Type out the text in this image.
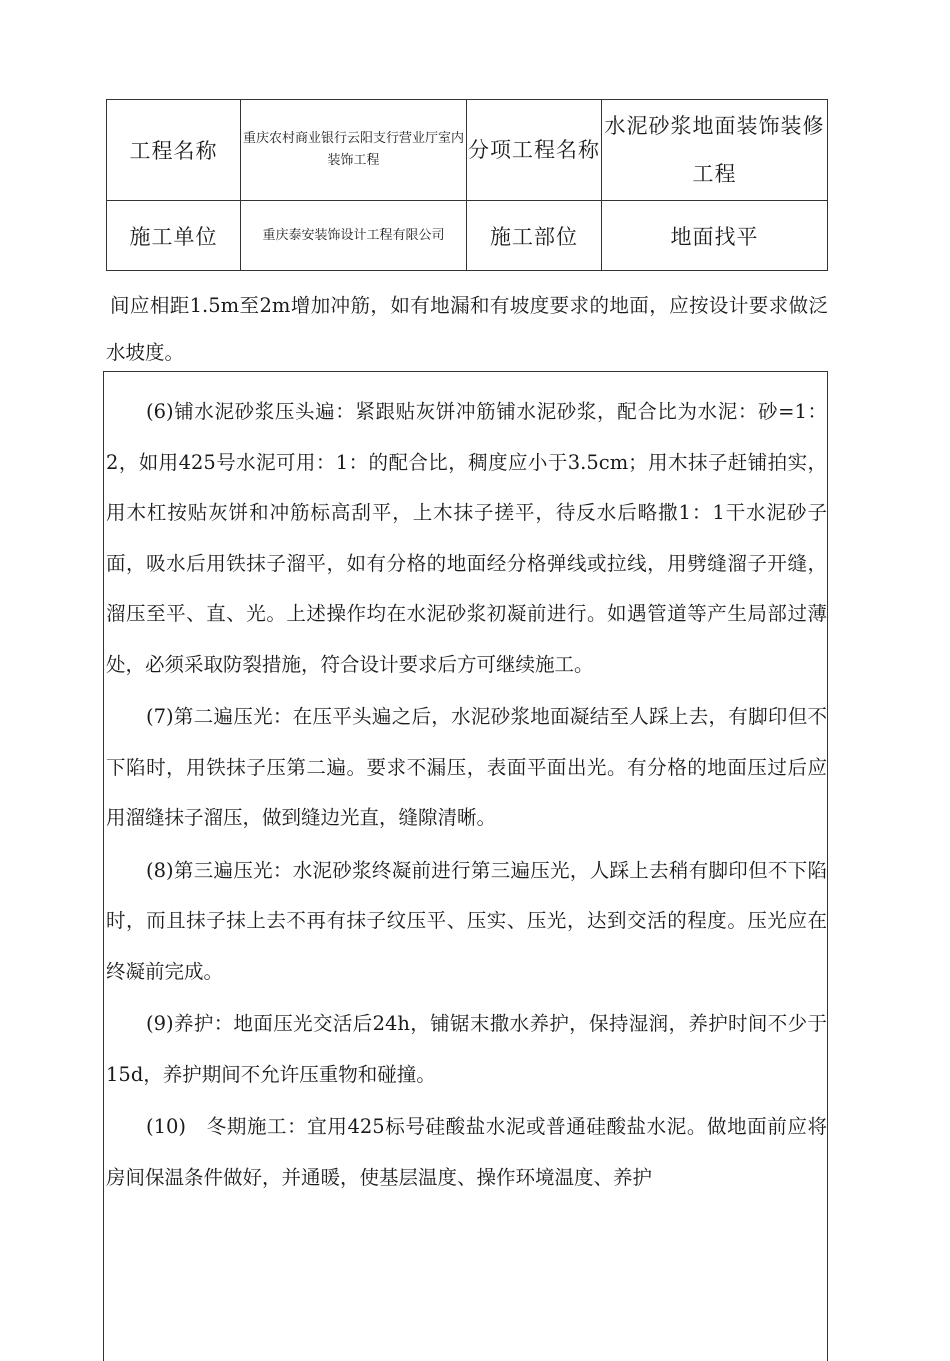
工程名称	重庆农村商业银行云阳支行营业厅室内装饰工程	分项工程名称	水泥砂浆地面装饰装修工程
施工单位	重庆泰安装饰设计工程有限公司	施工部位	地面找平

间应相距1.5m至2m增加冲筋，如有地漏和有坡度要求的地面，应按设计要求做泛水坡度。

(6)铺水泥砂浆压头遍：紧跟贴灰饼冲筋铺水泥砂浆，配合比为水泥：砂=1：2，如用425号水泥可用：1：的配合比，稠度应小于3.5cm；用木抹子赶铺拍实，用木杠按贴灰饼和冲筋标高刮平，上木抹子搓平，待反水后略撒1：1干水泥砂子面，吸水后用铁抹子溜平，如有分格的地面经分格弹线或拉线，用劈缝溜子开缝，溜压至平、直、光。上述操作均在水泥砂浆初凝前进行。如遇管道等产生局部过薄处，必须采取防裂措施，符合设计要求后方可继续施工。

(7)第二遍压光：在压平头遍之后，水泥砂浆地面凝结至人踩上去，有脚印但不下陷时，用铁抹子压第二遍。要求不漏压，表面平面出光。有分格的地面压过后应用溜缝抹子溜压，做到缝边光直，缝隙清晰。

(8)第三遍压光：水泥砂浆终凝前进行第三遍压光，人踩上去稍有脚印但不下陷时，而且抹子抹上去不再有抹子纹压平、压实、压光，达到交活的程度。压光应在终凝前完成。

(9)养护：地面压光交活后24h，铺锯末撒水养护，保持湿润，养护时间不少于15d，养护期间不允许压重物和碰撞。

(10)　冬期施工：宜用425标号硅酸盐水泥或普通硅酸盐水泥。做地面前应将房间保温条件做好，并通暖，使基层温度、操作环境温度、养护
